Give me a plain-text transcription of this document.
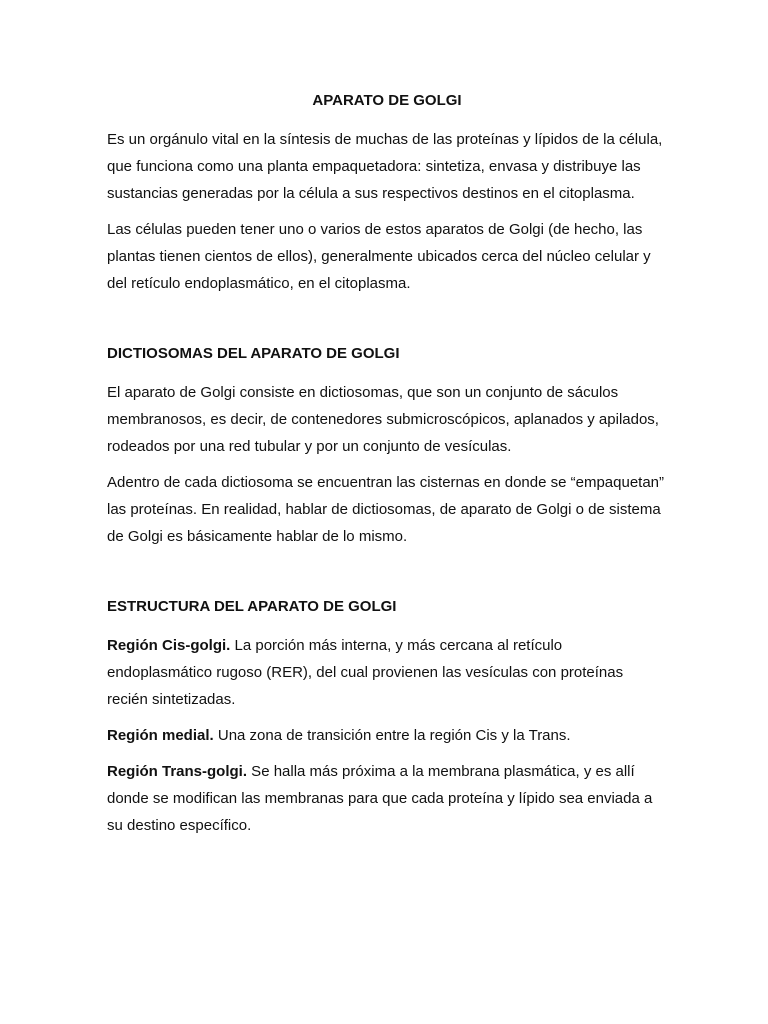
APARATO DE GOLGI

Es un orgánulo vital en la síntesis de muchas de las proteínas y lípidos de la célula, que funciona como una planta empaquetadora: sintetiza, envasa y distribuye las sustancias generadas por la célula a sus respectivos destinos en el citoplasma.

Las células pueden tener uno o varios de estos aparatos de Golgi (de hecho, las plantas tienen cientos de ellos), generalmente ubicados cerca del núcleo celular y del retículo endoplasmático, en el citoplasma.

DICTIOSOMAS DEL APARATO DE GOLGI

El aparato de Golgi consiste en dictiosomas, que son un conjunto de sáculos membranosos, es decir, de contenedores submicroscópicos, aplanados y apilados, rodeados por una red tubular y por un conjunto de vesículas.

Adentro de cada dictiosoma se encuentran las cisternas en donde se “empaquetan” las proteínas. En realidad, hablar de dictiosomas, de aparato de Golgi o de sistema de Golgi es básicamente hablar de lo mismo.

ESTRUCTURA DEL APARATO DE GOLGI

Región Cis-golgi. La porción más interna, y más cercana al retículo endoplasmático rugoso (RER), del cual provienen las vesículas con proteínas recién sintetizadas.

Región medial. Una zona de transición entre la región Cis y la Trans.

Región Trans-golgi. Se halla más próxima a la membrana plasmática, y es allí donde se modifican las membranas para que cada proteína y lípido sea enviada a su destino específico.
